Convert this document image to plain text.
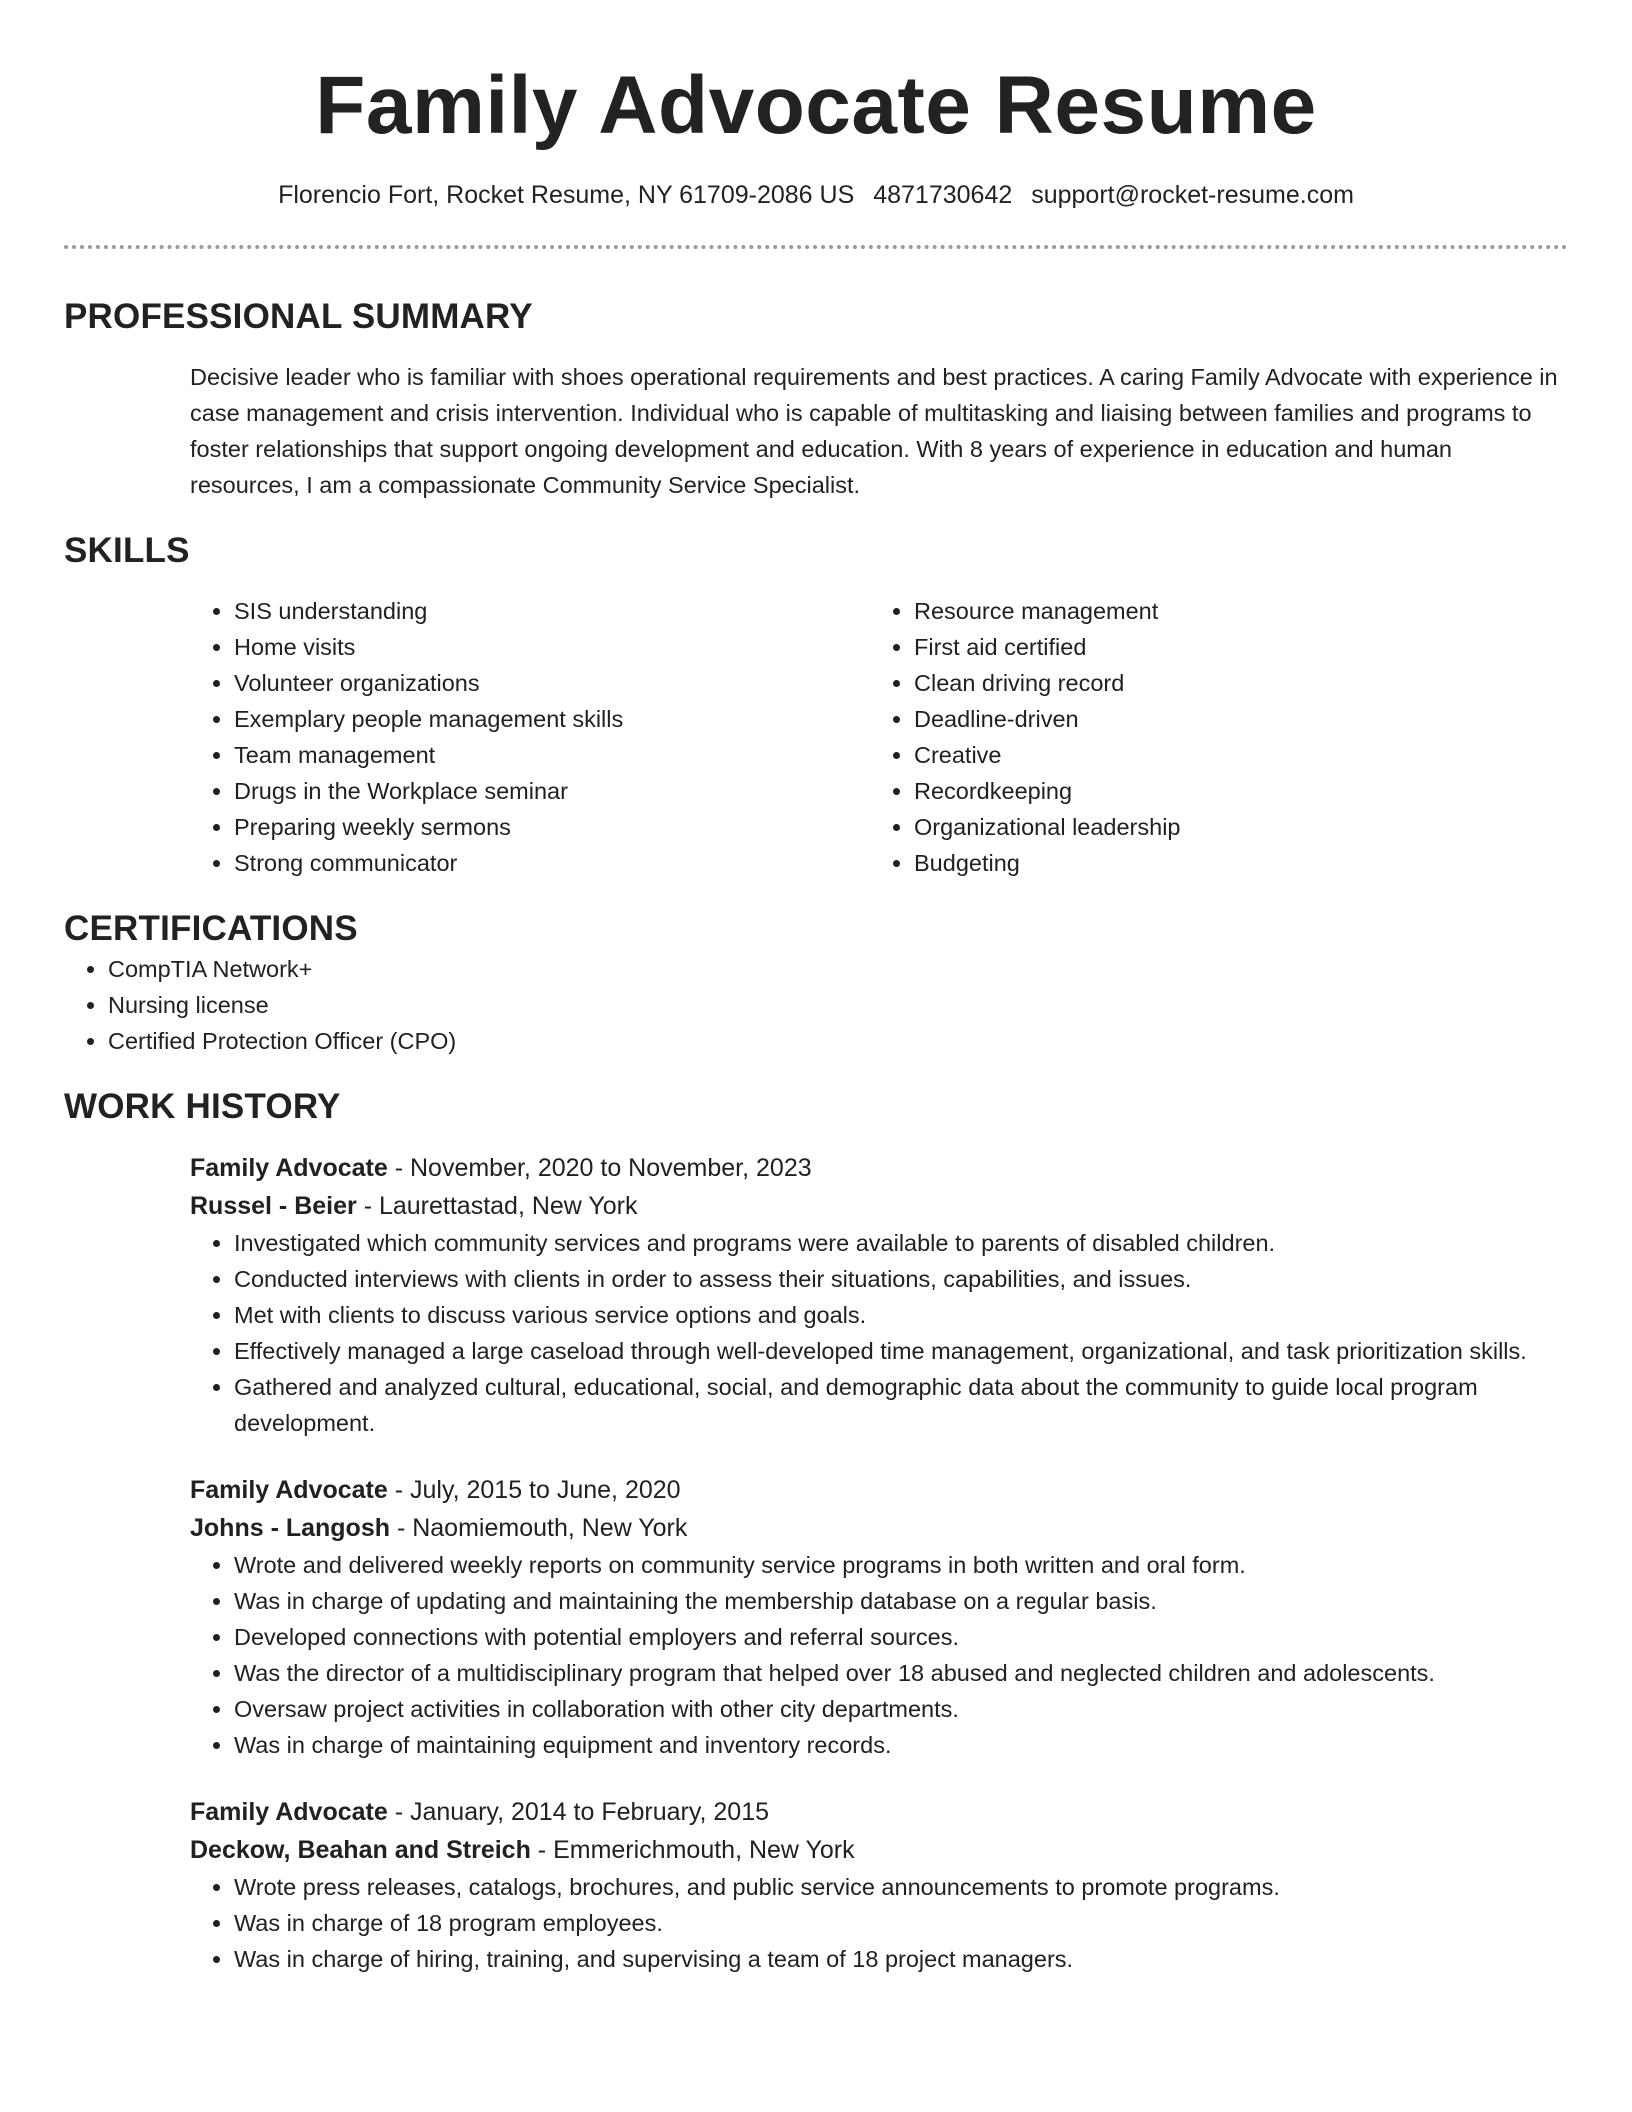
Family Advocate Resume
Florencio Fort, Rocket Resume, NY 61709-2086 US 4871730642 support@rocket-resume.com
PROFESSIONAL SUMMARY
Decisive leader who is familiar with shoes operational requirements and best practices. A caring Family Advocate with experience in case management and crisis intervention. Individual who is capable of multitasking and liaising between families and programs to foster relationships that support ongoing development and education. With 8 years of experience in education and human resources, I am a compassionate Community Service Specialist.
SKILLS
• SIS understanding
• Home visits
• Volunteer organizations
• Exemplary people management skills
• Team management
• Drugs in the Workplace seminar
• Preparing weekly sermons
• Strong communicator
• Resource management
• First aid certified
• Clean driving record
• Deadline-driven
• Creative
• Recordkeeping
• Organizational leadership
• Budgeting
CERTIFICATIONS
• CompTIA Network+
• Nursing license
• Certified Protection Officer (CPO)
WORK HISTORY
Family Advocate - November, 2020 to November, 2023
Russel - Beier - Laurettastad, New York
• Investigated which community services and programs were available to parents of disabled children.
• Conducted interviews with clients in order to assess their situations, capabilities, and issues.
• Met with clients to discuss various service options and goals.
• Effectively managed a large caseload through well-developed time management, organizational, and task prioritization skills.
• Gathered and analyzed cultural, educational, social, and demographic data about the community to guide local program development.
Family Advocate - July, 2015 to June, 2020
Johns - Langosh - Naomiemouth, New York
• Wrote and delivered weekly reports on community service programs in both written and oral form.
• Was in charge of updating and maintaining the membership database on a regular basis.
• Developed connections with potential employers and referral sources.
• Was the director of a multidisciplinary program that helped over 18 abused and neglected children and adolescents.
• Oversaw project activities in collaboration with other city departments.
• Was in charge of maintaining equipment and inventory records.
Family Advocate - January, 2014 to February, 2015
Deckow, Beahan and Streich - Emmerichmouth, New York
• Wrote press releases, catalogs, brochures, and public service announcements to promote programs.
• Was in charge of 18 program employees.
• Was in charge of hiring, training, and supervising a team of 18 project managers.
